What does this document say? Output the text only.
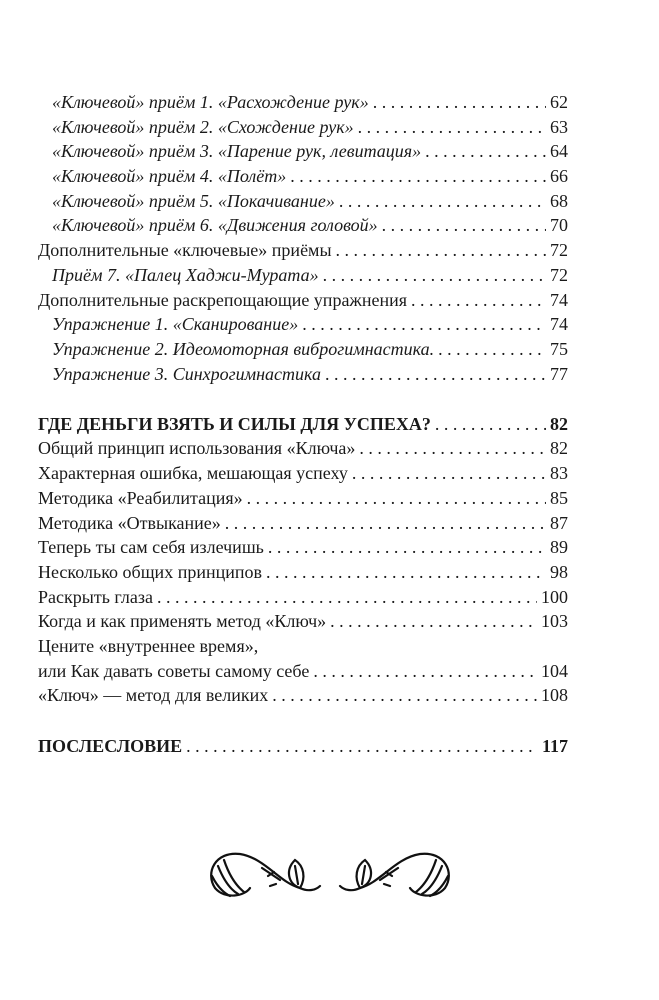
«Ключевой» приём 1. «Расхождение рук» . . .	62
«Ключевой» приём 2. «Схождение рук» . . .	63
«Ключевой» приём 3. «Парение рук, левитация» . . .	64
«Ключевой» приём 4. «Полёт» . . .	66
«Ключевой» приём 5. «Покачивание» . . .	68
«Ключевой» приём 6. «Движения головой» . . .	70
Дополнительные «ключевые» приёмы . . .	72
Приём 7. «Палец Хаджи-Мурата» . . .	72
Дополнительные раскрепощающие упражнения . . .	74
Упражнение 1. «Сканирование» . . .	74
Упражнение 2. Идеомоторная виброгимнастика. . . .	75
Упражнение 3. Синхрогимнастика . . .	77
ГДЕ ДЕНЬГИ ВЗЯТЬ И СИЛЫ ДЛЯ УСПЕХА? . . .	82
Общий принцип использования «Ключа» . . .	82
Характерная ошибка, мешающая успеху . . .	83
Методика «Реабилитация» . . .	85
Методика «Отвыкание» . . .	87
Теперь ты сам себя излечишь . . .	89
Несколько общих принципов . . .	98
Раскрыть глаза . . .	100
Когда и как применять метод «Ключ» . . .	103
Цените «внутреннее время»,
или Как давать советы самому себе . . .	104
«Ключ» — метод для великих . . .	108
ПОСЛЕСЛОВИЕ . . .	117
